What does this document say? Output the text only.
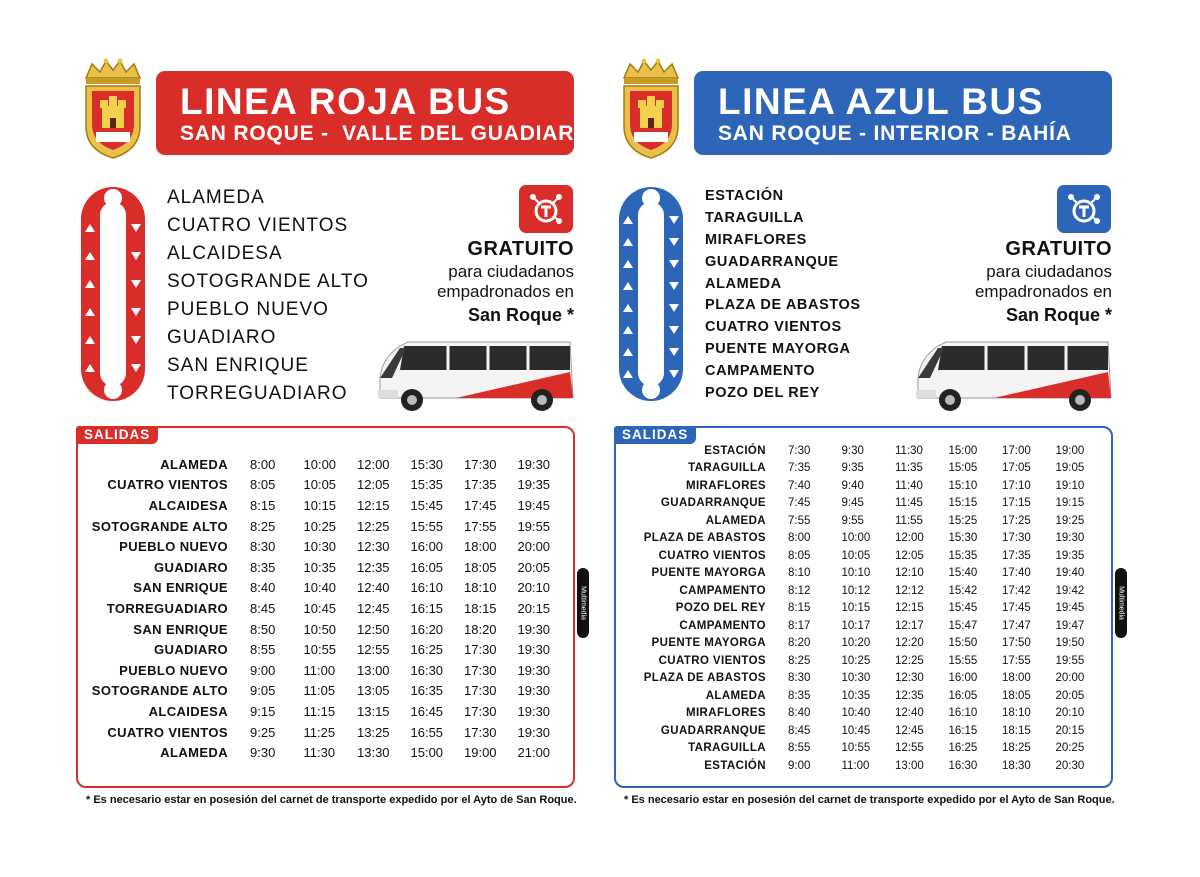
LINEA ROJA BUS
SAN ROQUE -  VALLE DEL GUADIARO
ALAMEDA
CUATRO VIENTOS
ALCAIDESA
SOTOGRANDE ALTO
PUEBLO NUEVO
GUADIARO
SAN ENRIQUE
TORREGUADIARO
GRATUITO
para ciudadanos
empadronados en
San Roque *
SALIDAS
ALAMEDA	8:00	10:00	12:00	15:30	17:30	19:30
CUATRO VIENTOS	8:05	10:05	12:05	15:35	17:35	19:35
ALCAIDESA	8:15	10:15	12:15	15:45	17:45	19:45
SOTOGRANDE ALTO	8:25	10:25	12:25	15:55	17:55	19:55
PUEBLO NUEVO	8:30	10:30	12:30	16:00	18:00	20:00
GUADIARO	8:35	10:35	12:35	16:05	18:05	20:05
SAN ENRIQUE	8:40	10:40	12:40	16:10	18:10	20:10
TORREGUADIARO	8:45	10:45	12:45	16:15	18:15	20:15
SAN ENRIQUE	8:50	10:50	12:50	16:20	18:20	19:30
GUADIARO	8:55	10:55	12:55	16:25	17:30	19:30
PUEBLO NUEVO	9:00	11:00	13:00	16:30	17:30	19:30
SOTOGRANDE ALTO	9:05	11:05	13:05	16:35	17:30	19:30
ALCAIDESA	9:15	11:15	13:15	16:45	17:30	19:30
CUATRO VIENTOS	9:25	11:25	13:25	16:55	17:30	19:30
ALAMEDA	9:30	11:30	13:30	15:00	19:00	21:00
* Es necesario estar en posesión del carnet de transporte expedido por el Ayto de San Roque.
Multimedia
LINEA AZUL BUS
SAN ROQUE - INTERIOR - BAHÍA
ESTACIÓN
TARAGUILLA
MIRAFLORES
GUADARRANQUE
ALAMEDA
PLAZA DE ABASTOS
CUATRO VIENTOS
PUENTE MAYORGA
CAMPAMENTO
POZO DEL REY
GRATUITO
para ciudadanos
empadronados en
San Roque *
SALIDAS
ESTACIÓN	7:30	9:30	11:30	15:00	17:00	19:00
TARAGUILLA	7:35	9:35	11:35	15:05	17:05	19:05
MIRAFLORES	7:40	9:40	11:40	15:10	17:10	19:10
GUADARRANQUE	7:45	9:45	11:45	15:15	17:15	19:15
ALAMEDA	7:55	9:55	11:55	15:25	17:25	19:25
PLAZA DE ABASTOS	8:00	10:00	12:00	15:30	17:30	19:30
CUATRO VIENTOS	8:05	10:05	12:05	15:35	17:35	19:35
PUENTE MAYORGA	8:10	10:10	12:10	15:40	17:40	19:40
CAMPAMENTO	8:12	10:12	12:12	15:42	17:42	19:42
POZO DEL REY	8:15	10:15	12:15	15:45	17:45	19:45
CAMPAMENTO	8:17	10:17	12:17	15:47	17:47	19:47
PUENTE MAYORGA	8:20	10:20	12:20	15:50	17:50	19:50
CUATRO VIENTOS	8:25	10:25	12:25	15:55	17:55	19:55
PLAZA DE ABASTOS	8:30	10:30	12:30	16:00	18:00	20:00
ALAMEDA	8:35	10:35	12:35	16:05	18:05	20:05
MIRAFLORES	8:40	10:40	12:40	16:10	18:10	20:10
GUADARRANQUE	8:45	10:45	12:45	16:15	18:15	20:15
TARAGUILLA	8:55	10:55	12:55	16:25	18:25	20:25
ESTACIÓN	9:00	11:00	13:00	16:30	18:30	20:30
* Es necesario estar en posesión del carnet de transporte expedido por el Ayto de San Roque.
Multimedia
